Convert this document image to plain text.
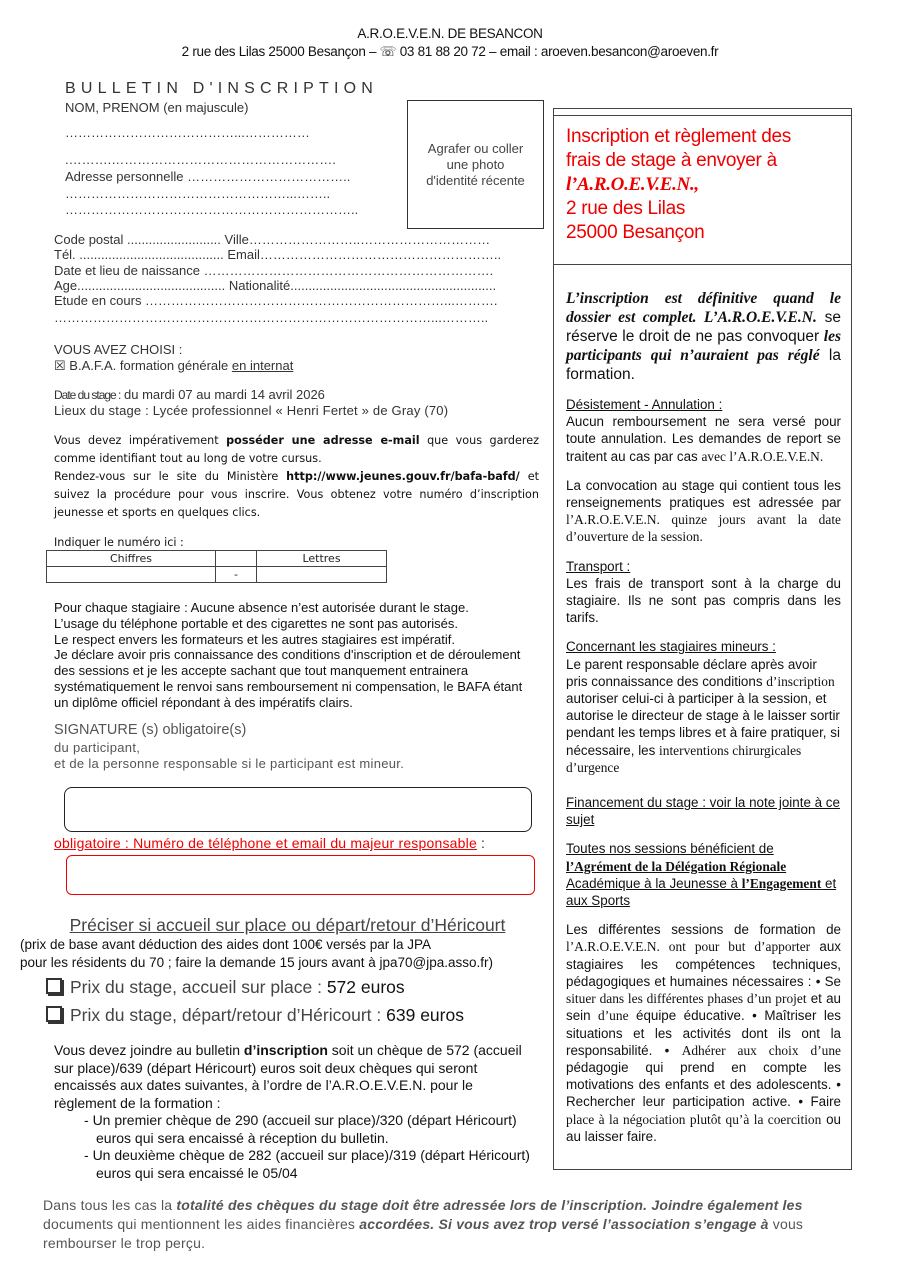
A.R.O.E.V.E.N. DE BESANCON
2 rue des Lilas 25000 Besançon – ☏ 03 81 88 20 72 – email : aroeven.besancon@aroeven.fr
BULLETIN D'INSCRIPTION
NOM, PRENOM (en majuscule)
…………………………………...……………
.……….…………………………………………….
Adresse personnelle ………………………………..
……………………………………………...……..
…………………………………………………………..
Agrafer ou coller une photo d'identité récente
Code postal .......................... Ville……………………..…………………………
Tél. ........................................ Email………………………………………………..
Date et lieu de naissance ………………………………………………………….
Age......................................... Nationalité.........................................................
Etude en cours ……………………………………………………………...……….
……………………………………………………………………………...………..
VOUS AVEZ CHOISI :
☒ B.A.F.A. formation générale en internat
Date du stage : du mardi 07 au mardi 14 avril 2026
Lieux du stage : Lycée professionnel « Henri Fertet » de Gray (70)
Vous devez impérativement posséder une adresse e-mail que vous garderez comme identifiant tout au long de votre cursus.
Rendez-vous sur le site du Ministère http://www.jeunes.gouv.fr/bafa-bafd/ et suivez la procédure pour vous inscrire. Vous obtenez votre numéro d’inscription jeunesse et sports en quelques clics.
Indiquer le numéro ici :
Chiffres		Lettres
	-	
Pour chaque stagiaire : Aucune absence n’est autorisée durant le stage.
L’usage du téléphone portable et des cigarettes ne sont pas autorisés.
Le respect envers les formateurs et les autres stagiaires est impératif.
Je déclare avoir pris connaissance des conditions d'inscription et de déroulement des sessions et je les accepte sachant que tout manquement entrainera systématiquement le renvoi sans remboursement ni compensation, le BAFA étant un diplôme officiel répondant à des impératifs clairs.
SIGNATURE (s) obligatoire(s)
du participant,
et de la personne responsable si le participant est mineur.
obligatoire : Numéro de téléphone et email du majeur responsable :
Préciser si accueil sur place ou départ/retour d’Héricourt
(prix de base avant déduction des aides dont 100€ versés par la JPA
pour les résidents du 70 ; faire la demande 15 jours avant à jpa70@jpa.asso.fr)
Prix du stage, accueil sur place : 572 euros
Prix du stage, départ/retour d’Héricourt : 639 euros
Vous devez joindre au bulletin d’inscription soit un chèque de 572 (accueil sur place)/639 (départ Héricourt) euros soit deux chèques qui seront encaissés aux dates suivantes, à l’ordre de l’A.R.O.E.V.E.N. pour le règlement de la formation :
- Un premier chèque de 290 (accueil sur place)/320 (départ Héricourt) euros qui sera encaissé à réception du bulletin.
- Un deuxième chèque de 282 (accueil sur place)/319 (départ Héricourt) euros qui sera encaissé le 05/04
Dans tous les cas la totalité des chèques du stage doit être adressée lors de l’inscription. Joindre également les documents qui mentionnent les aides financières accordées. Si vous avez trop versé l’association s’engage à vous rembourser le trop perçu.
Inscription et règlement des
frais de stage à envoyer à
l’A.R.O.E.V.E.N.,
2 rue des Lilas
25000 Besançon

L’inscription est définitive quand le dossier est complet. L’A.R.O.E.V.E.N. se réserve le droit de ne pas convoquer les participants qui n’auraient pas réglé la formation.

Désistement - Annulation :

Aucun remboursement ne sera versé pour toute annulation. Les demandes de report se traitent au cas par cas avec l’A.R.O.E.V.E.N.

La convocation au stage qui contient tous les renseignements pratiques est adressée par l’A.R.O.E.V.E.N. quinze jours avant la date d’ouverture de la session.

Transport :

Les frais de transport sont à la charge du stagiaire. Ils ne sont pas compris dans les tarifs.

Concernant les stagiaires mineurs :

Le parent responsable déclare après avoir pris connaissance des conditions d’inscription autoriser celui-ci à participer à la session, et autorise le directeur de stage à le laisser sortir pendant les temps libres et à faire pratiquer, si nécessaire, les interventions chirurgicales d’urgence

Financement du stage : voir la note jointe à ce sujet

Toutes nos sessions bénéficient de l’Agrément de la Délégation Régionale Académique à la Jeunesse à l’Engagement et aux Sports

Les différentes sessions de formation de l’A.R.O.E.V.E.N. ont pour but d’apporter aux stagiaires les compétences techniques, pédagogiques et humaines nécessaires : • Se situer dans les différentes phases d’un projet et au sein d’une équipe éducative. • Maîtriser les situations et les activités dont ils ont la responsabilité. • Adhérer aux choix d’une pédagogie qui prend en compte les motivations des enfants et des adolescents. • Rechercher leur participation active. • Faire place à la négociation plutôt qu’à la coercition ou au laisser faire.
